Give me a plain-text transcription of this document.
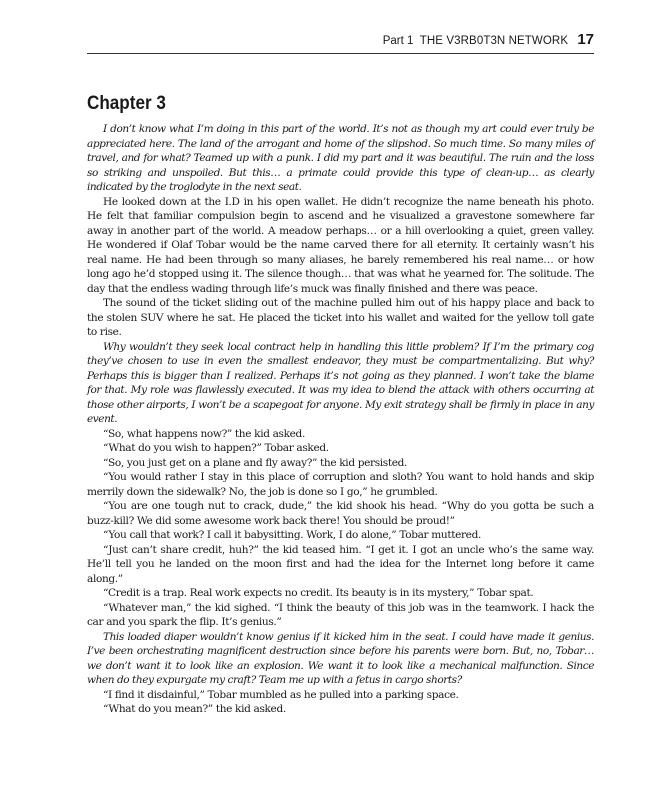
Part 1 THE V3RB0T3N NETWORK 17
Chapter 3

I don’t know what I’m doing in this part of the world. It’s not as though my art could ever truly be appreciated here. The land of the arrogant and home of the slipshod. So much time. So many miles of travel, and for what? Teamed up with a punk. I did my part and it was beautiful. The ruin and the loss so striking and unspoiled. But this… a primate could provide this type of clean-up… as clearly indicated by the troglodyte in the next seat.

He looked down at the I.D in his open wallet. He didn’t recognize the name beneath his photo. He felt that familiar compulsion begin to ascend and he visualized a gravestone somewhere far away in another part of the world. A meadow perhaps… or a hill overlooking a quiet, green valley. He wondered if Olaf Tobar would be the name carved there for all eternity. It certainly wasn’t his real name. He had been through so many aliases, he barely remembered his real name… or how long ago he’d stopped using it. The silence though… that was what he yearned for. The solitude. The day that the endless wading through life’s muck was finally finished and there was peace.

The sound of the ticket sliding out of the machine pulled him out of his happy place and back to the stolen SUV where he sat. He placed the ticket into his wallet and waited for the yellow toll gate to rise.

Why wouldn’t they seek local contract help in handling this little problem? If I’m the primary cog they’ve chosen to use in even the smallest endeavor, they must be compartmentalizing. But why? Perhaps this is bigger than I realized. Perhaps it’s not going as they planned. I won’t take the blame for that. My role was flawlessly executed. It was my idea to blend the attack with others occurring at those other airports, I won’t be a scapegoat for anyone. My exit strategy shall be firmly in place in any event.

“So, what happens now?” the kid asked.

“What do you wish to happen?” Tobar asked.

“So, you just get on a plane and fly away?” the kid persisted.

“You would rather I stay in this place of corruption and sloth? You want to hold hands and skip merrily down the sidewalk? No, the job is done so I go,” he grumbled.

“You are one tough nut to crack, dude,” the kid shook his head. “Why do you gotta be such a buzz-kill? We did some awesome work back there! You should be proud!”

“You call that work? I call it babysitting. Work, I do alone,” Tobar muttered.

“Just can’t share credit, huh?” the kid teased him. “I get it. I got an uncle who’s the same way. He’ll tell you he landed on the moon first and had the idea for the Internet long before it came along.”

“Credit is a trap. Real work expects no credit. Its beauty is in its mystery,” Tobar spat.

“Whatever man,” the kid sighed. “I think the beauty of this job was in the teamwork. I hack the car and you spark the flip. It’s genius.”

This loaded diaper wouldn’t know genius if it kicked him in the seat. I could have made it genius. I’ve been orchestrating magnificent destruction since before his parents were born. But, no, Tobar… we don’t want it to look like an explosion. We want it to look like a mechanical malfunction. Since when do they expurgate my craft? Team me up with a fetus in cargo shorts?

“I find it disdainful,” Tobar mumbled as he pulled into a parking space.

“What do you mean?” the kid asked.
